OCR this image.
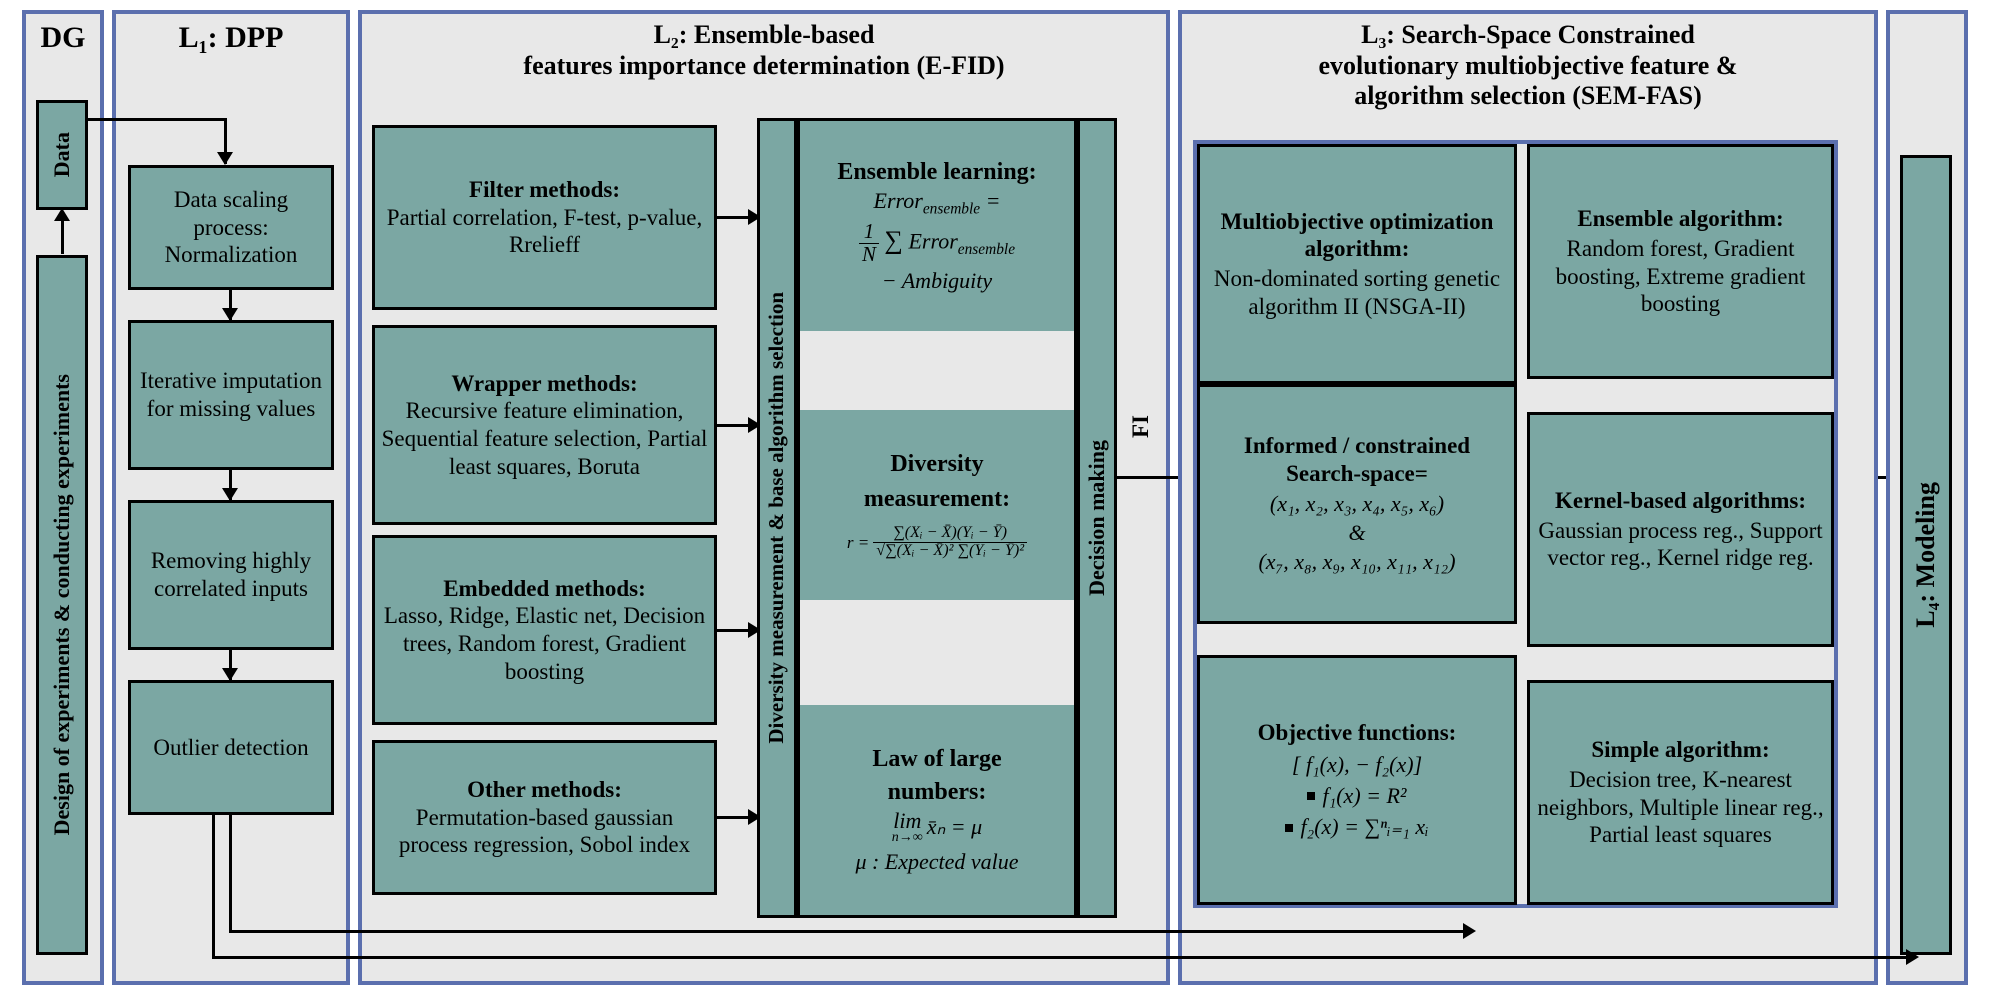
DG
Data
Design of experiments & conducting experiments
L₁: DPP
Data scaling process: Normalization
Iterative imputation for missing values
Removing highly correlated inputs
Outlier detection
L₂: Ensemble-based
features importance determination (E-FID)
Filter methods:
Partial correlation, F-test, p-value, Rrelieff
Wrapper methods:
Recursive feature elimination, Sequential feature selection, Partial least squares, Boruta
Embedded methods:
Lasso, Ridge, Elastic net, Decision trees, Random forest, Gradient boosting
Other methods:
Permutation-based gaussian process regression, Sobol index
Diversity measurement & base algorithm selection
Ensemble learning:
Error$_{ensemble}$ =
$\frac{1}{N}$ ∑ Error$_{ensemble}$
− Ambiguity
Diversity
measurement:
$r = \frac{\text{∑(Xᵢ − X̄)(Yᵢ − Ȳ)}}{\text{√∑(Xᵢ − X̄)² ∑(Yᵢ − Ȳ)²}}$
Law of large
numbers:
lim
n→∞ x̄ₙ = μ
μ : Expected value
Decision making
FI
L₃: Search-Space Constrained
evolutionary multiobjective feature &
algorithm selection (SEM-FAS)
Multiobjective optimization algorithm:
Non-dominated sorting genetic algorithm II (NSGA-II)
Informed / constrained Search-space=
(x₁, x₂, x₃, x₄, x₅, x₆)
&
(x₇, x₈, x₉, x₁₀, x₁₁, x₁₂)
Objective functions:
[ f₁(x), − f₂(x)]
f₁(x) = R²
f₂(x) = ∑ⁿᵢ₌₁ xᵢ
Ensemble algorithm:
Random forest, Gradient boosting, Extreme gradient boosting
Kernel-based algorithms:
Gaussian process reg., Support vector reg., Kernel ridge reg.
Simple algorithm:
Decision tree, K-nearest neighbors, Multiple linear reg., Partial least squares
L₄: Modeling
